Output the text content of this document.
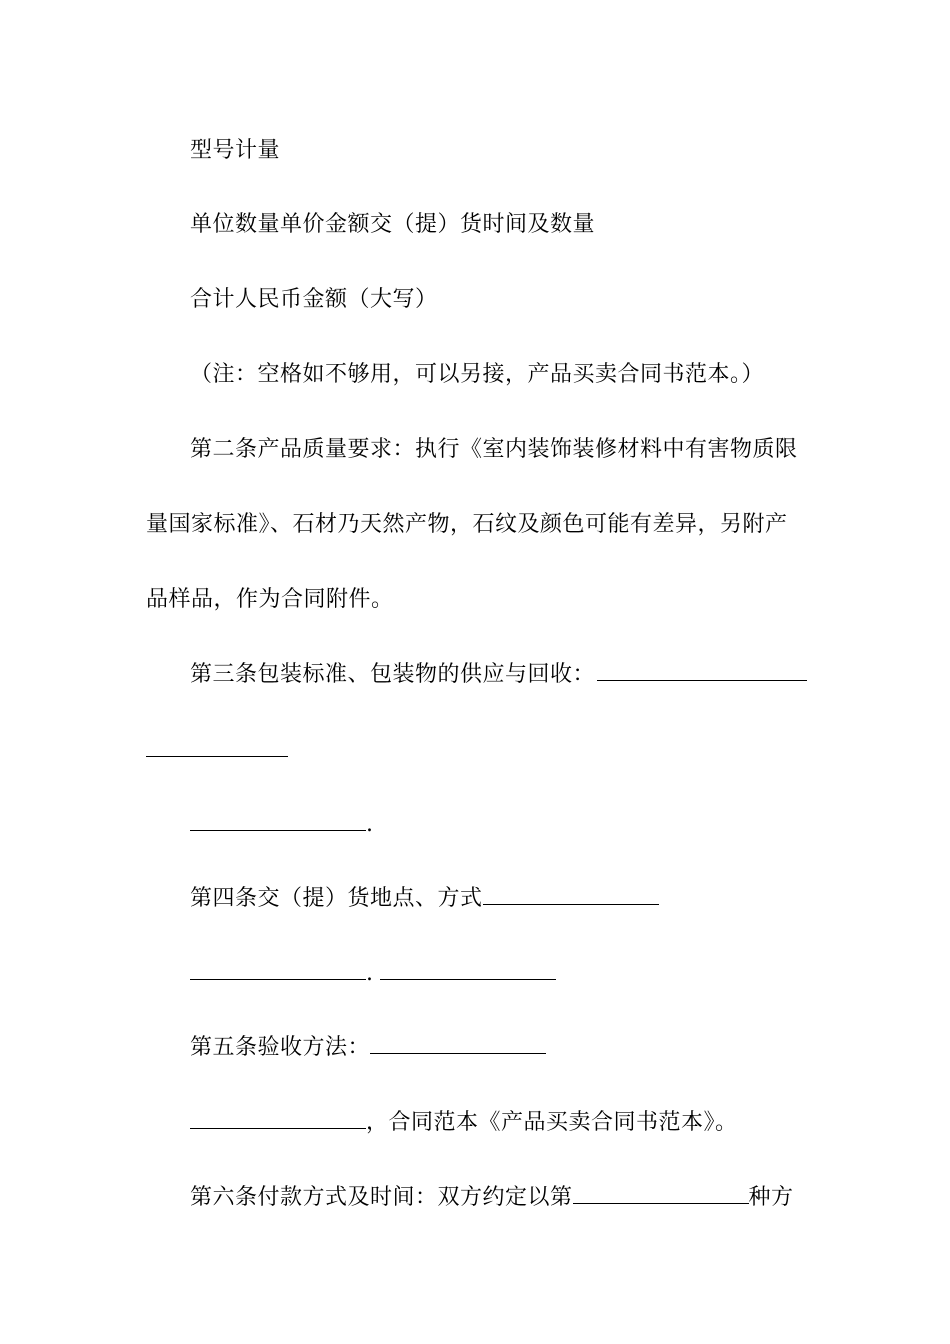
型号计量
单位数量单价金额交（提）货时间及数量
合计人民币金额（大写）
（注：空格如不够用，可以另接，产品买卖合同书范本。）
第二条产品质量要求：执行《室内装饰装修材料中有害物质限
量国家标准》、石材乃天然产物，石纹及颜色可能有差异，另附产
品样品，作为合同附件。
第三条包装标准、包装物的供应与回收：
.
第四条交（提）货地点、方式
.
第五条验收方法：
，合同范本《产品买卖合同书范本》。
第六条付款方式及时间：双方约定以第	种方
